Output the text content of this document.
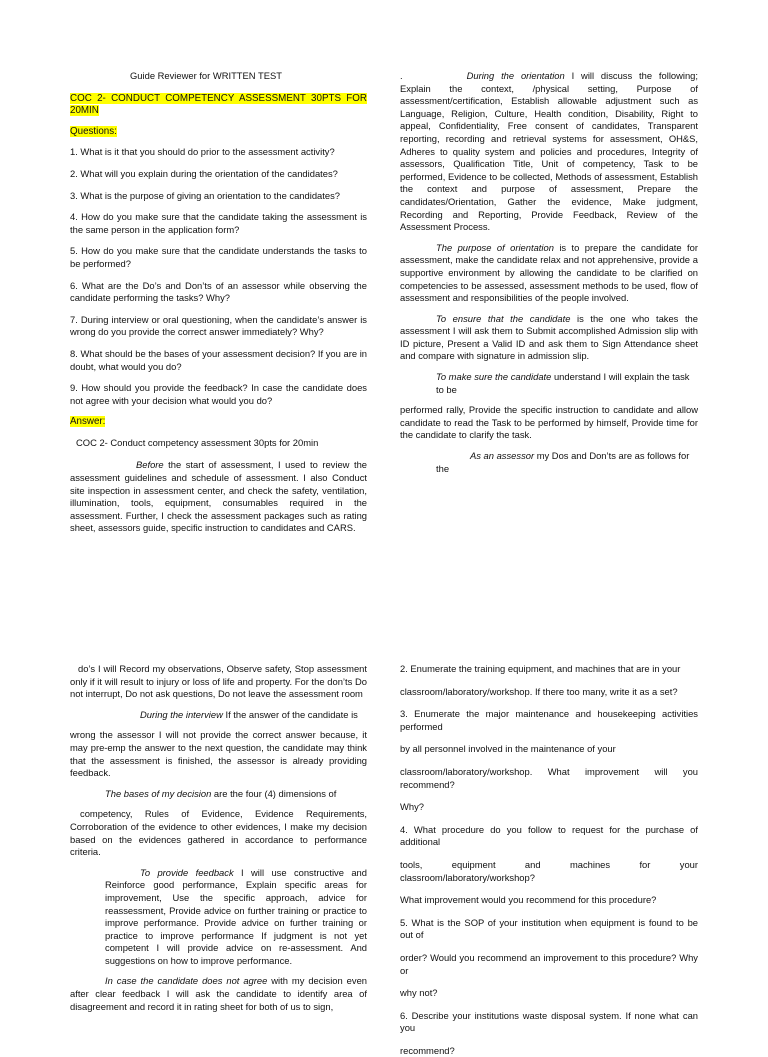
Guide Reviewer for WRITTEN TEST
COC 2- CONDUCT COMPETENCY ASSESSMENT 30PTS FOR 20MIN
Questions:
1. What is it that you should do prior to the assessment activity?
2. What will you explain during the orientation of the candidates?
3. What is the purpose of giving an orientation to the candidates?
4. How do you make sure that the candidate taking the assessment is the same person in the application form?
5. How do you make sure that the candidate understands the tasks to be performed?
6. What are the Do’s and Don’ts of an assessor while observing the candidate performing the tasks? Why?
7. During interview or oral questioning, when the candidate’s answer is wrong do you provide the correct answer immediately? Why?
8. What should be the bases of your assessment decision? If you are in doubt, what would you do?
9. How should you provide the feedback? In case the candidate does not agree with your decision what would you do?
Answer:
COC 2- Conduct competency assessment 30pts for 20min
Before the start of assessment, I used to review the assessment guidelines and schedule of assessment. I also Conduct site inspection in assessment center, and check the safety, ventilation, illumination, tools, equipment, consumables required in the assessment. Further, I check the assessment packages such as rating sheet, assessors guide, specific instruction to candidates and CARS.
.	During the orientation I will discuss the following; Explain the context, /physical setting, Purpose of assessment/certification, Establish allowable adjustment such as Language, Religion, Culture, Health condition, Disability, Right to appeal, Confidentiality, Free consent of candidates, Transparent reporting, recording and retrieval systems for assessment, OH&S, Adheres to quality system and policies and procedures, Integrity of assessors, Qualification Title, Unit of competency, Task to be performed, Evidence to be collected, Methods of assessment, Establish the context and purpose of assessment, Prepare the candidates/Orientation, Gather the evidence, Make judgment, Recording and Reporting, Provide Feedback, Review of the Assessment Process.
The purpose of orientation is to prepare the candidate for assessment, make the candidate relax and not apprehensive, provide a supportive environment by allowing the candidate to be clarified on competencies to be assessed, assessment methods to be used, flow of assessment and responsibilities of the people involved.
To ensure that the candidate is the one who takes the assessment I will ask them to Submit accomplished Admission slip with ID picture, Present a Valid ID and ask them to Sign Attendance sheet and compare with signature in admission slip.
To make sure the candidate understand I will explain the task to be
performed rally, Provide the specific instruction to candidate and allow candidate to read the Task to be performed by himself, Provide time for the candidate to clarify the task.
As an assessor my Dos and Don’ts are as follows for the
do’s I will Record my observations, Observe safety, Stop assessment only if it will result to injury or loss of life and property. For the don’ts Do not interrupt, Do not ask questions, Do not leave the assessment room
During the interview If the answer of the candidate is
wrong the assessor I will not provide the correct answer because, it may pre-emp the answer to the next question, the candidate may think that the assessment is finished, the assessor is already providing feedback.
The bases of my decision are the four (4) dimensions of
competency, Rules of Evidence, Evidence Requirements, Corroboration of the evidence to other evidences, I make my decision based on the evidences gathered in accordance to performance criteria.
To provide feedback I will use constructive and Reinforce good performance, Explain specific areas for improvement, Use the specific approach, advice for reassessment, Provide advice on further training or practice to improve performance. Provide advice on further training or practice to improve performance If judgment is not yet competent I will provide advice on re-assessment. And suggestions on how to improve performance.
In case the candidate does not agree with my decision even after clear feedback I will ask the candidate to identify area of disagreement and record it in rating sheet for both of us to sign,
2. Enumerate the training equipment, and machines that are in your
classroom/laboratory/workshop. If there too many, write it as a set?
3. Enumerate the major maintenance and housekeeping activities performed
by all personnel involved in the maintenance of your
classroom/laboratory/workshop. What improvement will you recommend?
Why?
4. What procedure do you follow to request for the purchase of additional
tools, equipment and machines for your classroom/laboratory/workshop?
What improvement would you recommend for this procedure?
5. What is the SOP of your institution when equipment is found to be out of
order? Would you recommend an improvement to this procedure? Why or
why not?
6. Describe your institutions waste disposal system. If none what can you
recommend?
